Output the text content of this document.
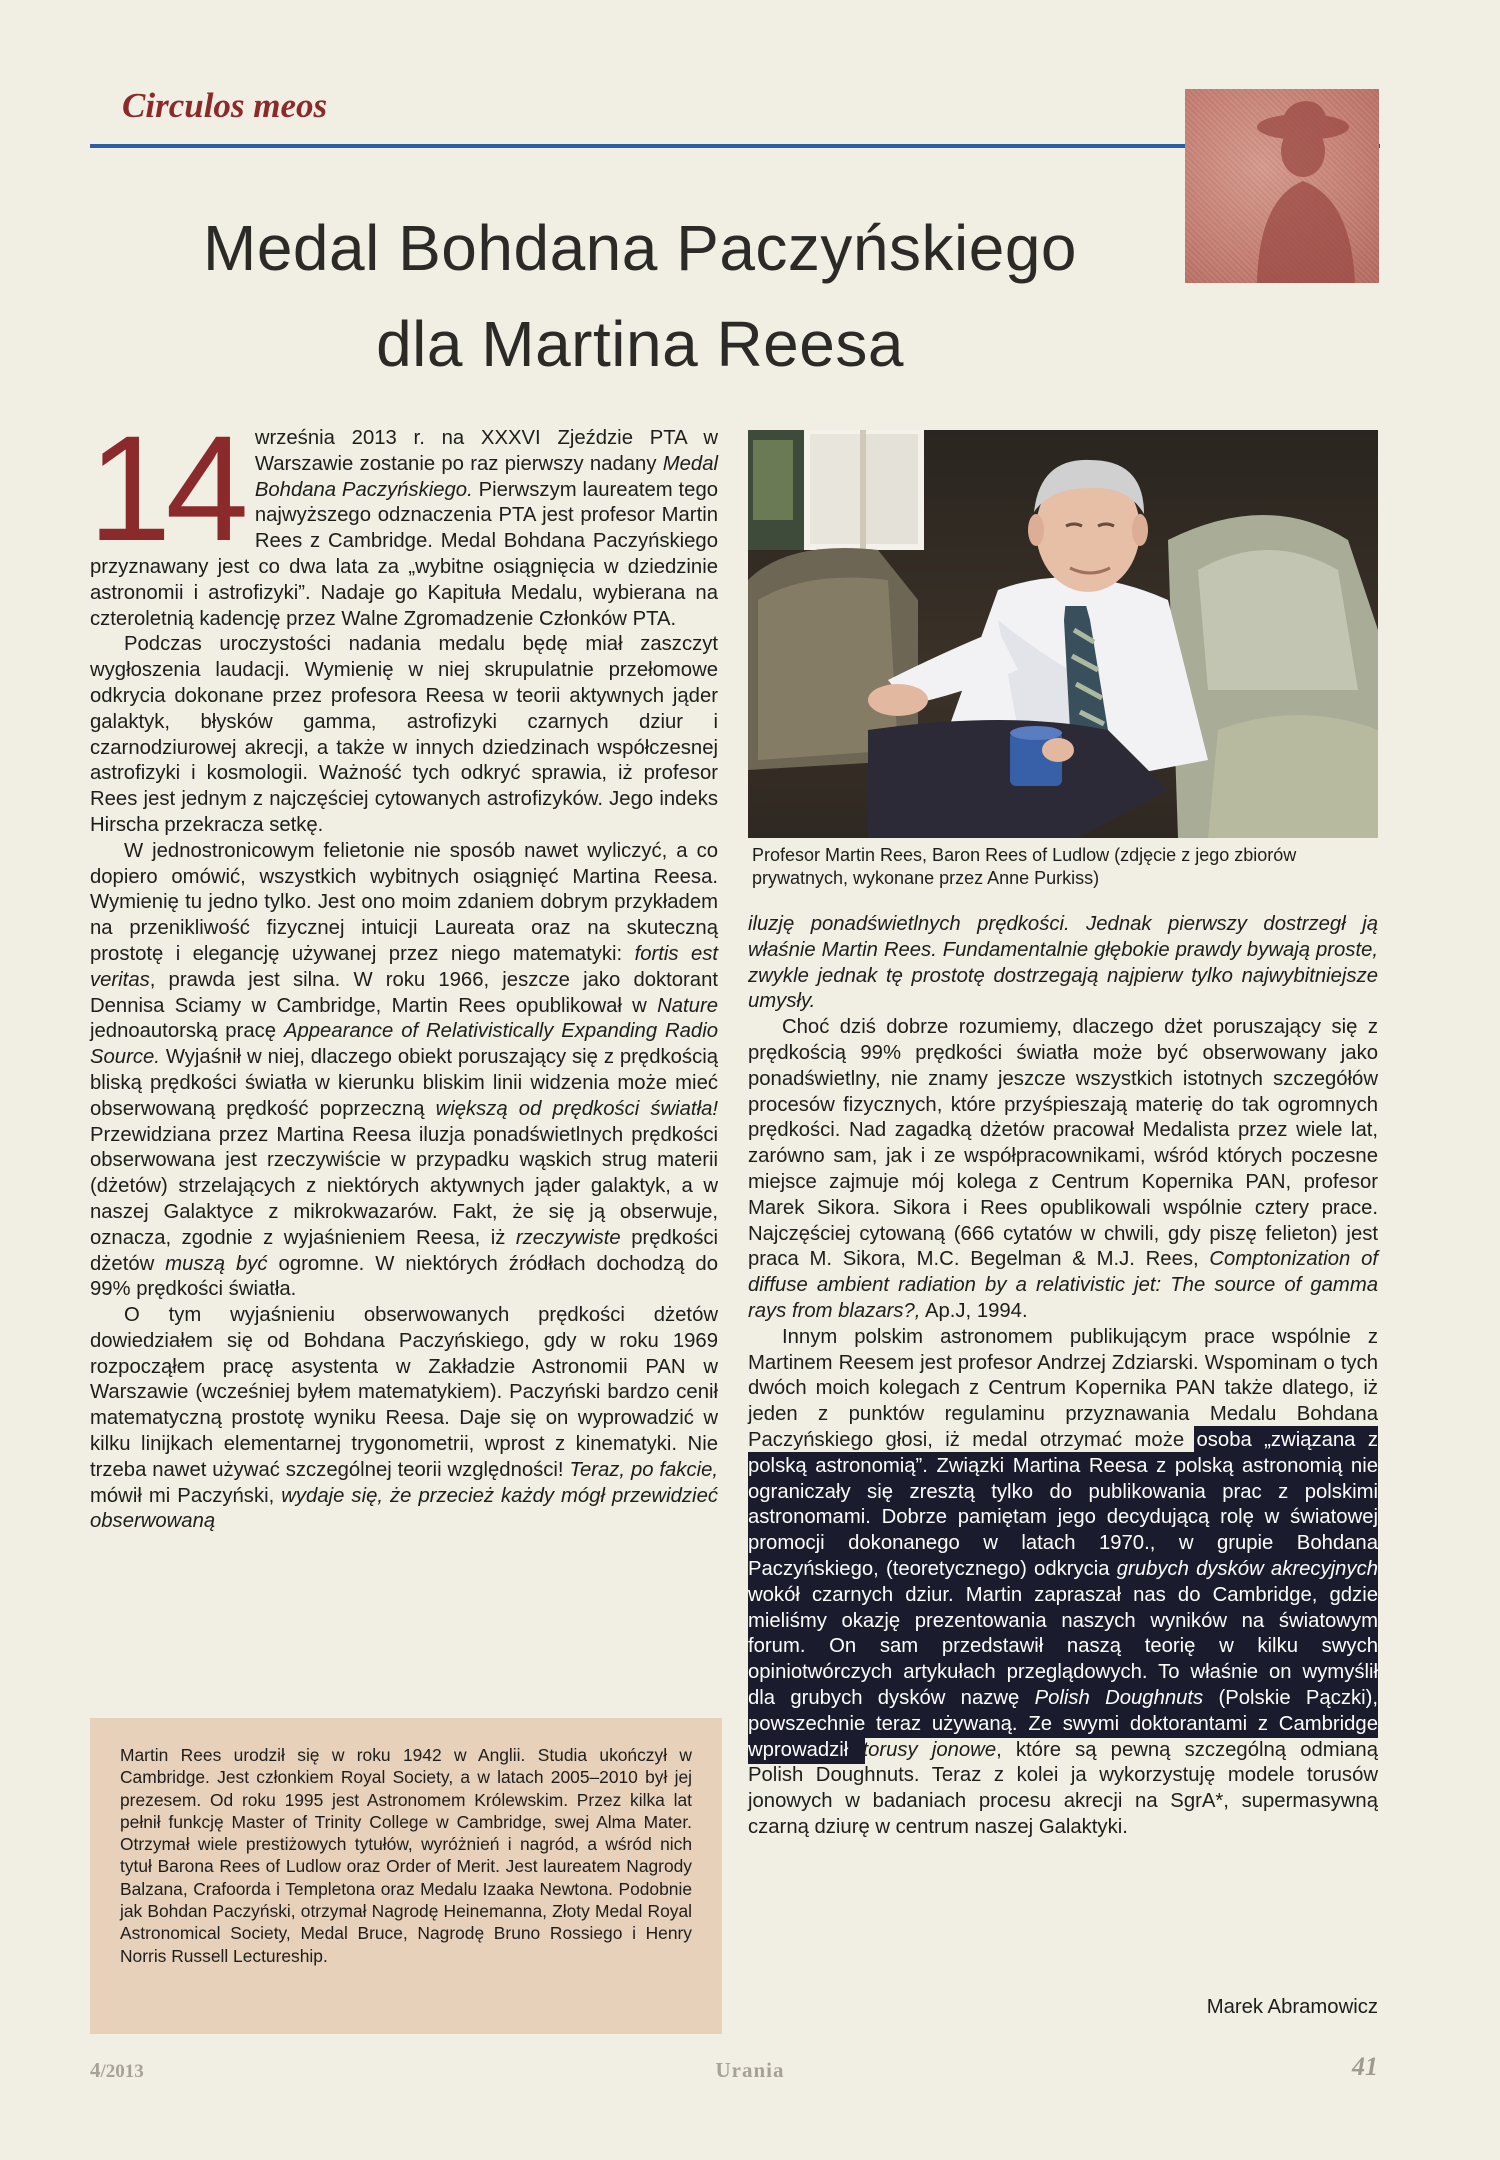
Circulos meos
Medal Bohdana Paczyńskiego
dla Martina Reesa

Profesor Martin Rees, Baron Rees of Ludlow (zdjęcie z jego zbiorów prywatnych, wykonane przez Anne Purkiss)

14 września 2013 r. na XXXVI Zjeździe PTA w Warszawie zostanie po raz pierwszy nadany Medal Bohdana Paczyńskiego. Pierwszym laureatem tego najwyższego odznaczenia PTA jest profesor Martin Rees z Cambridge. Medal Bohdana Paczyńskiego przyznawany jest co dwa lata za „wybitne osiągnięcia w dziedzinie astronomii i astrofizyki”. Nadaje go Kapituła Medalu, wybierana na czteroletnią kadencję przez Walne Zgromadzenie Członków PTA.

Podczas uroczystości nadania medalu będę miał zaszczyt wygłoszenia laudacji. Wymienię w niej skrupulatnie przełomowe odkrycia dokonane przez profesora Reesa w teorii aktywnych jąder galaktyk, błysków gamma, astrofizyki czarnych dziur i czarnodziurowej akrecji, a także w innych dziedzinach współczesnej astrofizyki i kosmologii. Ważność tych odkryć sprawia, iż profesor Rees jest jednym z najczęściej cytowanych astrofizyków. Jego indeks Hirscha przekracza setkę.

W jednostronicowym felietonie nie sposób nawet wyliczyć, a co dopiero omówić, wszystkich wybitnych osiągnięć Martina Reesa. Wymienię tu jedno tylko. Jest ono moim zdaniem dobrym przykładem na przenikliwość fizycznej intuicji Laureata oraz na skuteczną prostotę i elegancję używanej przez niego matematyki: fortis est veritas, prawda jest silna. W roku 1966, jeszcze jako doktorant Dennisa Sciamy w Cambridge, Martin Rees opublikował w Nature jednoautorską pracę Appearance of Relativistically Expanding Radio Source. Wyjaśnił w niej, dlaczego obiekt poruszający się z prędkością bliską prędkości światła w kierunku bliskim linii widzenia może mieć obserwowaną prędkość poprzeczną większą od prędkości światła! Przewidziana przez Martina Reesa iluzja ponadświetlnych prędkości obserwowana jest rzeczywiście w przypadku wąskich strug materii (dżetów) strzelających z niektórych aktywnych jąder galaktyk, a w naszej Galaktyce z mikrokwazarów. Fakt, że się ją obserwuje, oznacza, zgodnie z wyjaśnieniem Reesa, iż rzeczywiste prędkości dżetów muszą być ogromne. W niektórych źródłach dochodzą do 99% prędkości światła.

O tym wyjaśnieniu obserwowanych prędkości dżetów dowiedziałem się od Bohdana Paczyńskiego, gdy w roku 1969 rozpocząłem pracę asystenta w Zakładzie Astronomii PAN w Warszawie (wcześniej byłem matematykiem). Paczyński bardzo cenił matematyczną prostotę wyniku Reesa. Daje się on wyprowadzić w kilku linijkach elementarnej trygonometrii, wprost z kinematyki. Nie trzeba nawet używać szczególnej teorii względności! Teraz, po fakcie, mówił mi Paczyński, wydaje się, że przecież każdy mógł przewidzieć obserwowaną

iluzję ponadświetlnych prędkości. Jednak pierwszy dostrzegł ją właśnie Martin Rees. Fundamentalnie głębokie prawdy bywają proste, zwykle jednak tę prostotę dostrzegają najpierw tylko najwybitniejsze umysły.

Choć dziś dobrze rozumiemy, dlaczego dżet poruszający się z prędkością 99% prędkości światła może być obserwowany jako ponadświetlny, nie znamy jeszcze wszystkich istotnych szczegółów procesów fizycznych, które przyśpieszają materię do tak ogromnych prędkości. Nad zagadką dżetów pracował Medalista przez wiele lat, zarówno sam, jak i ze współpracownikami, wśród których poczesne miejsce zajmuje mój kolega z Centrum Kopernika PAN, profesor Marek Sikora. Sikora i Rees opublikowali wspólnie cztery prace. Najczęściej cytowaną (666 cytatów w chwili, gdy piszę felieton) jest praca M. Sikora, M.C. Begelman & M.J. Rees, Comptonization of diffuse ambient radiation by a relativistic jet: The source of gamma rays from blazars?, Ap.J, 1994.

Innym polskim astronomem publikującym prace wspólnie z Martinem Reesem jest profesor Andrzej Zdziarski. Wspominam o tych dwóch moich kolegach z Centrum Kopernika PAN także dlatego, iż jeden z punktów regulaminu przyznawania Medalu Bohdana Paczyńskiego głosi, iż medal otrzymać może osoba „związana z polską astronomią”. Związki Martina Reesa z polską astronomią nie ograniczały się zresztą tylko do publikowania prac z polskimi astronomami. Dobrze pamiętam jego decydującą rolę w światowej promocji dokonanego w latach 1970., w grupie Bohdana Paczyńskiego, (teoretycznego) odkrycia grubych dysków akrecyjnych wokół czarnych dziur. Martin zapraszał nas do Cambridge, gdzie mieliśmy okazję prezentowania naszych wyników na światowym forum. On sam przedstawił naszą teorię w kilku swych opiniotwórczych artykułach przeglądowych. To właśnie on wymyślił dla grubych dysków nazwę Polish Doughnuts (Polskie Pączki), powszechnie teraz używaną. Ze swymi doktorantami z Cambridge wprowadził torusy jonowe, które są pewną szczególną odmianą Polish Doughnuts. Teraz z kolei ja wykorzystuję modele torusów jonowych w badaniach procesu akrecji na SgrA*, supermasywną czarną dziurę w centrum naszej Galaktyki.

Marek Abramowicz

Martin Rees urodził się w roku 1942 w Anglii. Studia ukończył w Cambridge. Jest członkiem Royal Society, a w latach 2005–2010 był jej prezesem. Od roku 1995 jest Astronomem Królewskim. Przez kilka lat pełnił funkcję Master of Trinity College w Cambridge, swej Alma Mater. Otrzymał wiele prestiżowych tytułów, wyróżnień i nagród, a wśród nich tytuł Barona Rees of Ludlow oraz Order of Merit. Jest laureatem Nagrody Balzana, Crafoorda i Templetona oraz Medalu Izaaka Newtona. Podobnie jak Bohdan Paczyński, otrzymał Nagrodę Heinemanna, Złoty Medal Royal Astronomical Society, Medal Bruce, Nagrodę Bruno Rossiego i Henry Norris Russell Lectureship.

4/2013	Urania	41
